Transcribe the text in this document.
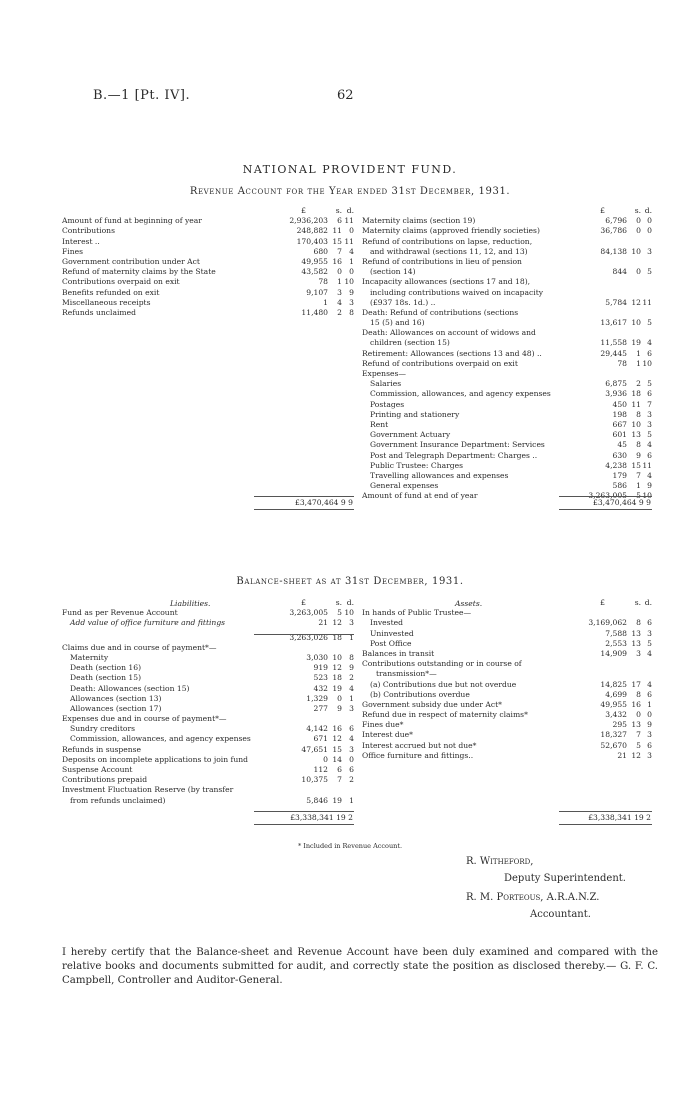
B.—1 [Pt. IV].	62
NATIONAL PROVIDENT FUND.
Revenue Account for the Year ended 31st December, 1931.
£	s. d.
Amount of fund at beginning of year	2,936,203 6 11
Contributions	248,882 11 0
Interest ..	170,403 15 11
Fines	680 7 4
Government contribution under Act	49,955 16 1
Refund of maternity claims by the State	43,582 0 0
Contributions overpaid on exit	78 1 10
Benefits refunded on exit	9,107 3 9
Miscellaneous receipts	1 4 3
Refunds unclaimed	11,480 2 8
£	s. d.
Maternity claims (section 19)	6,796 0 0
Maternity claims (approved friendly societies)	36,786 0 0
Refund of contributions on lapse, reduction,
and withdrawal (sections 11, 12, and 13)	84,138 10 3
Refund of contributions in lieu of pension
(section 14)	844 0 5
Incapacity allowances (sections 17 and 18),
including contributions waived on incapacity
(£937 18s. 1d.) ..	5,784 12 11
Death: Refund of contributions (sections
15 (5) and 16)	13,617 10 5
Death: Allowances on account of widows and
children (section 15)	11,558 19 4
Retirement: Allowances (sections 13 and 48) ..	29,445 1 6
Refund of contributions overpaid on exit	78 1 10
Expenses—
Salaries	6,875 2 5
Commission, allowances, and agency expenses	3,936 18 6
Postages	450 11 7
Printing and stationery	198 8 3
Rent	667 10 3
Government Actuary	601 13 5
Government Insurance Department: Services	45 8 4
Post and Telegraph Department: Charges ..	630 9 6
Public Trustee: Charges	4,238 15 11
Travelling allowances and expenses	179 7 4
General expenses	586 1 9
Amount of fund at end of year	3,263,005 5 10
£3,470,464 9 9	£3,470,464 9 9
Balance-sheet as at 31st December, 1931.
Liabilities.	Assets.
£	s. d.
Fund as per Revenue Account	3,263,005 5 10
Add value of office furniture and fittings	21 12 3
3,263,026 18 1
Claims due and in course of payment*—
Maternity	3,030 10 8
Death (section 16)	919 12 9
Death (section 15)	523 18 2
Death: Allowances (section 15)	432 19 4
Allowances (section 13)	1,329 0 1
Allowances (section 17)	277 9 3
Expenses due and in course of payment*—
Sundry creditors	4,142 16 6
Commission, allowances, and agency expenses	671 12 4
Refunds in suspense	47,651 15 3
Deposits on incomplete applications to join fund	0 14 0
Suspense Account	112 6 6
Contributions prepaid	10,375 7 2
Investment Fluctuation Reserve (by transfer
from refunds unclaimed)	5,846 19 1
£	s. d.
In hands of Public Trustee—
Invested	3,169,062 8 6
Uninvested	7,588 13 3
Post Office	2,553 13 5
Balances in transit	14,909 3 4
Contributions outstanding or in course of
transmission*—
(a) Contributions due but not overdue	14,825 17 4
(b) Contributions overdue	4,699 8 6
Government subsidy due under Act*	49,955 16 1
Refund due in respect of maternity claims*	3,432 0 0
Fines due*	295 13 9
Interest due*	18,327 7 3
Interest accrued but not due*	52,670 5 6
Office furniture and fittings..	21 12 3
£3,338,341 19 2	£3,338,341 19 2
* Included in Revenue Account.
R. Witheford,
Deputy Superintendent.
R. M. Porteous, A.R.A.N.Z.
Accountant.
I hereby certify that the Balance-sheet and Revenue Account have been duly examined and compared with the relative books and documents submitted for audit, and correctly state the position as disclosed thereby.— G. F. C. Campbell, Controller and Auditor-General.
